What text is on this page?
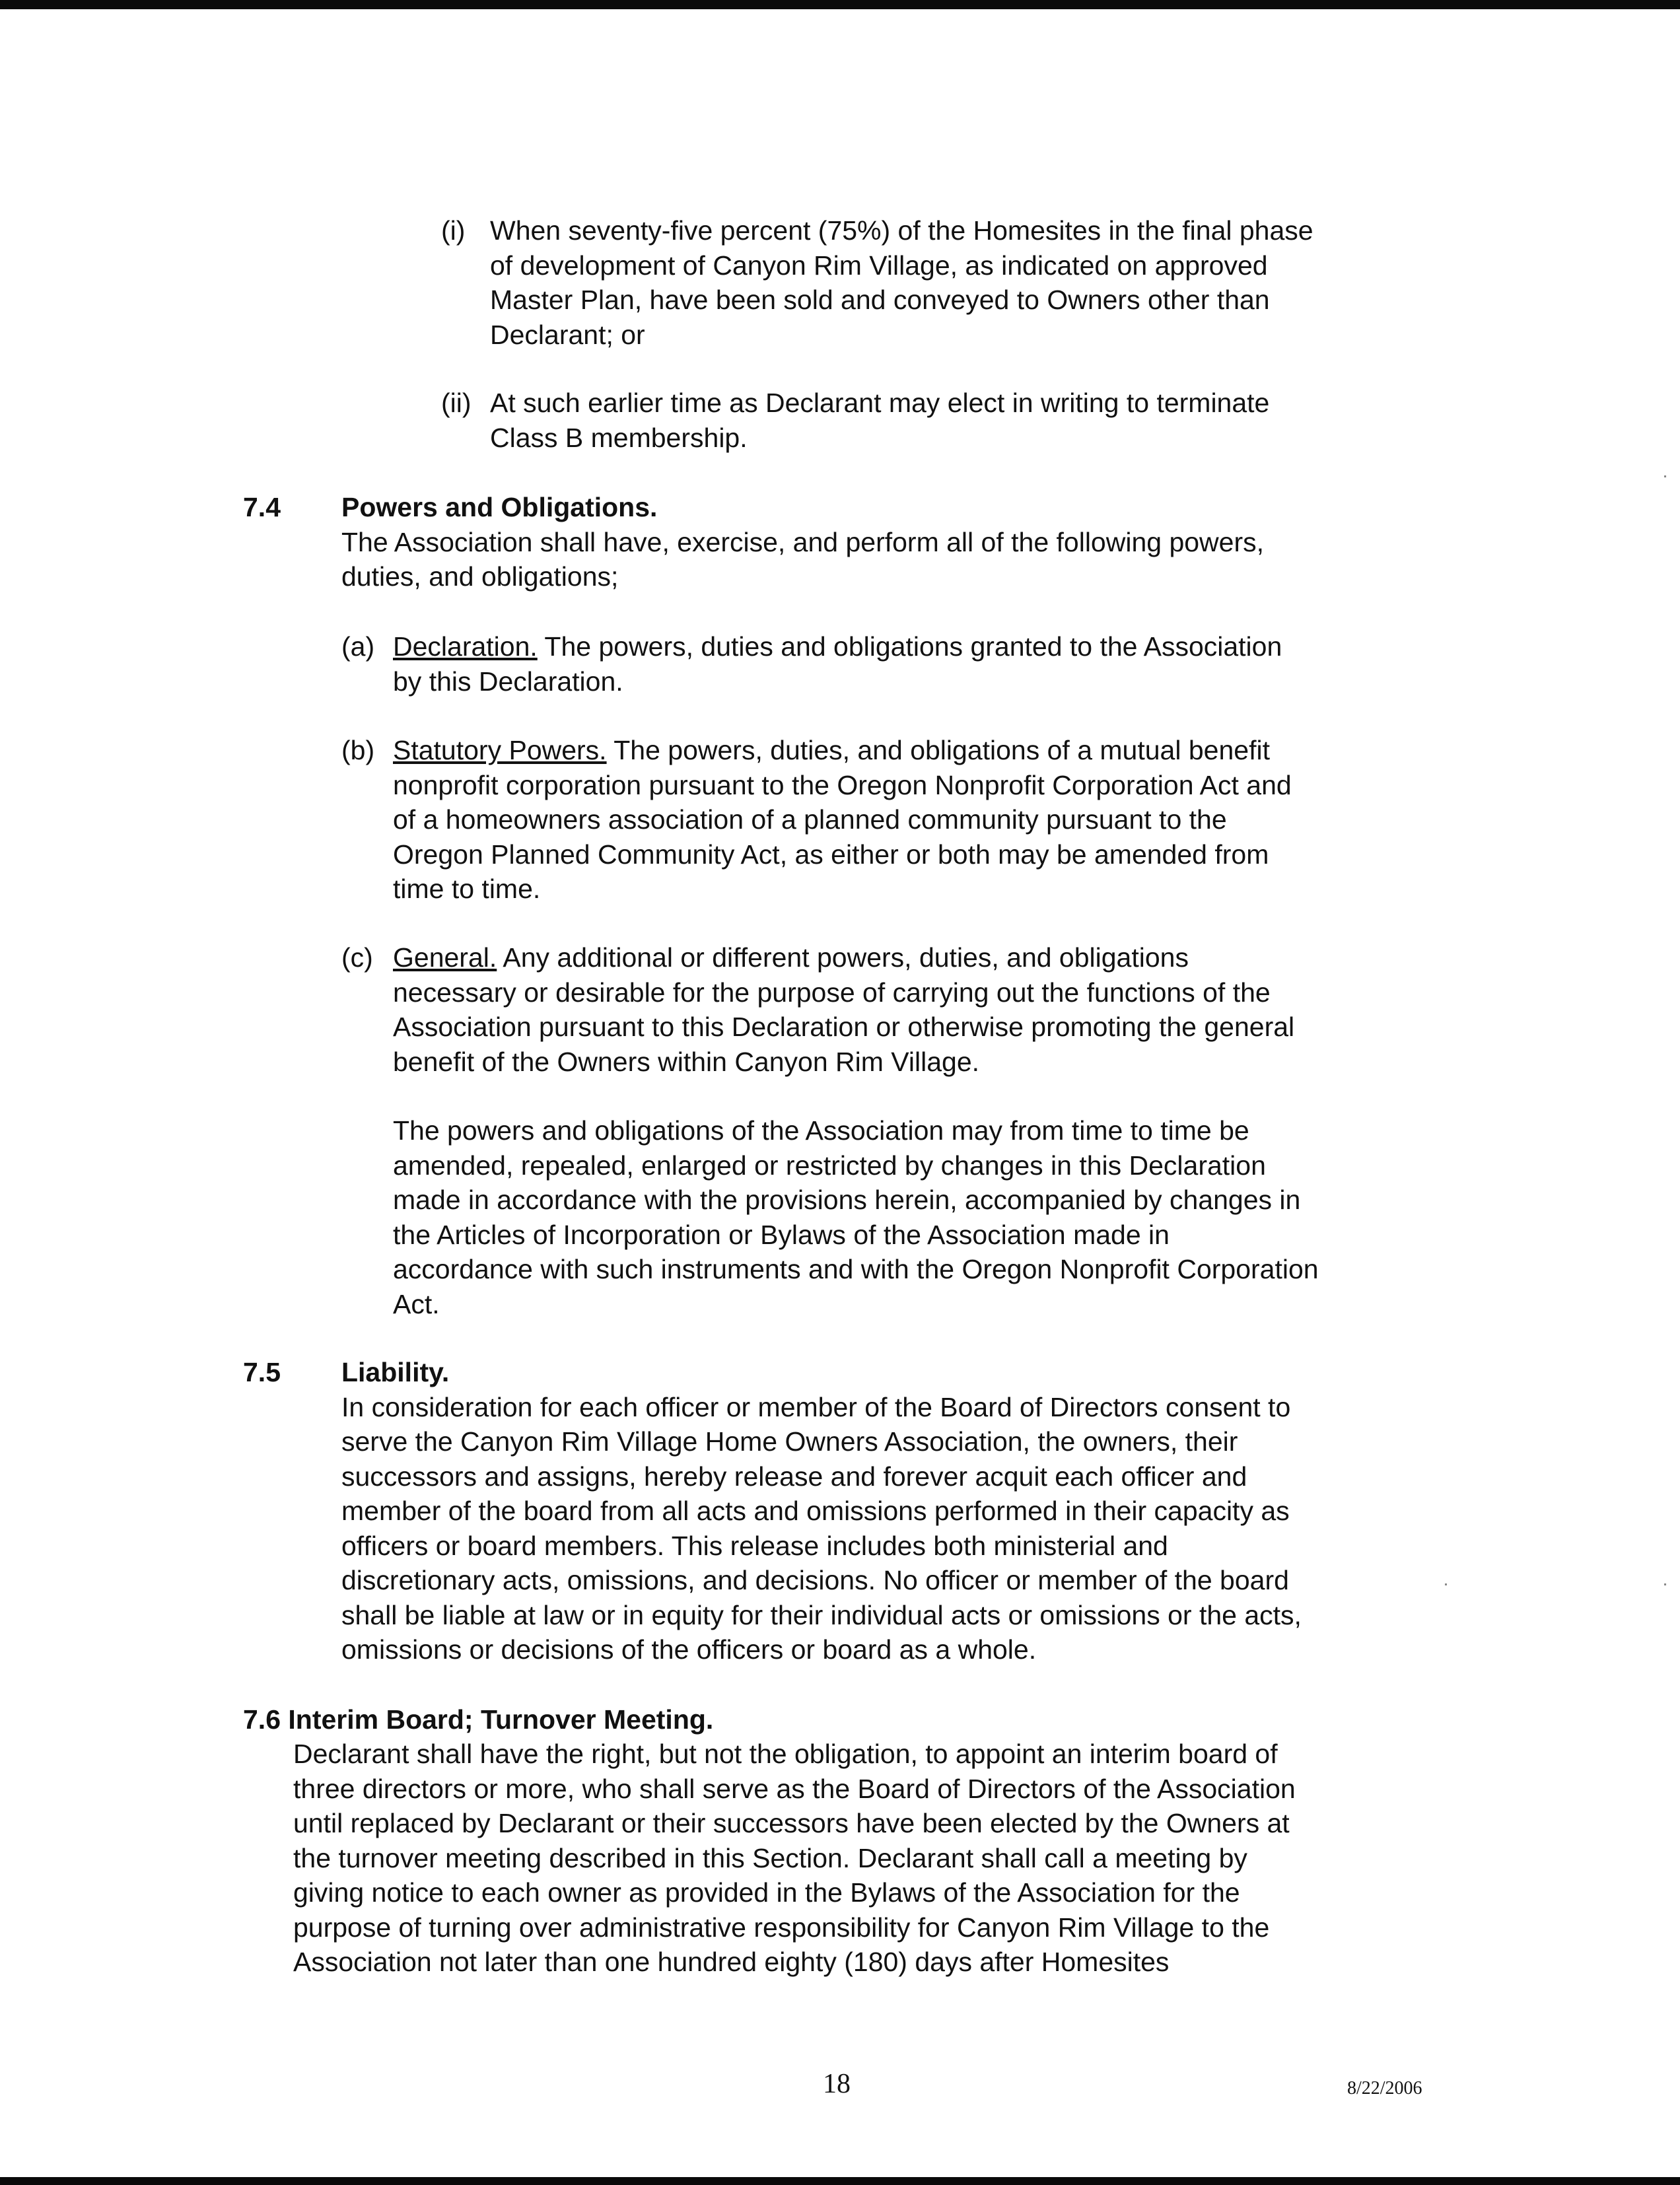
(i) When seventy-five percent (75%) of the Homesites in the final phase
of development of Canyon Rim Village, as indicated on approved
Master Plan, have been sold and conveyed to Owners other than
Declarant; or
(ii) At such earlier time as Declarant may elect in writing to terminate
Class B membership.
7.4 Powers and Obligations.
The Association shall have, exercise, and perform all of the following powers,
duties, and obligations;
(a) Declaration. The powers, duties and obligations granted to the Association
by this Declaration.
(b) Statutory Powers. The powers, duties, and obligations of a mutual benefit
nonprofit corporation pursuant to the Oregon Nonprofit Corporation Act and
of a homeowners association of a planned community pursuant to the
Oregon Planned Community Act, as either or both may be amended from
time to time.
(c) General. Any additional or different powers, duties, and obligations
necessary or desirable for the purpose of carrying out the functions of the
Association pursuant to this Declaration or otherwise promoting the general
benefit of the Owners within Canyon Rim Village.
The powers and obligations of the Association may from time to time be
amended, repealed, enlarged or restricted by changes in this Declaration
made in accordance with the provisions herein, accompanied by changes in
the Articles of Incorporation or Bylaws of the Association made in
accordance with such instruments and with the Oregon Nonprofit Corporation
Act.
7.5 Liability.
In consideration for each officer or member of the Board of Directors consent to
serve the Canyon Rim Village Home Owners Association, the owners, their
successors and assigns, hereby release and forever acquit each officer and
member of the board from all acts and omissions performed in their capacity as
officers or board members. This release includes both ministerial and
discretionary acts, omissions, and decisions. No officer or member of the board
shall be liable at law or in equity for their individual acts or omissions or the acts,
omissions or decisions of the officers or board as a whole.
7.6 Interim Board; Turnover Meeting.
Declarant shall have the right, but not the obligation, to appoint an interim board of
three directors or more, who shall serve as the Board of Directors of the Association
until replaced by Declarant or their successors have been elected by the Owners at
the turnover meeting described in this Section. Declarant shall call a meeting by
giving notice to each owner as provided in the Bylaws of the Association for the
purpose of turning over administrative responsibility for Canyon Rim Village to the
Association not later than one hundred eighty (180) days after Homesites
18	8/22/2006
